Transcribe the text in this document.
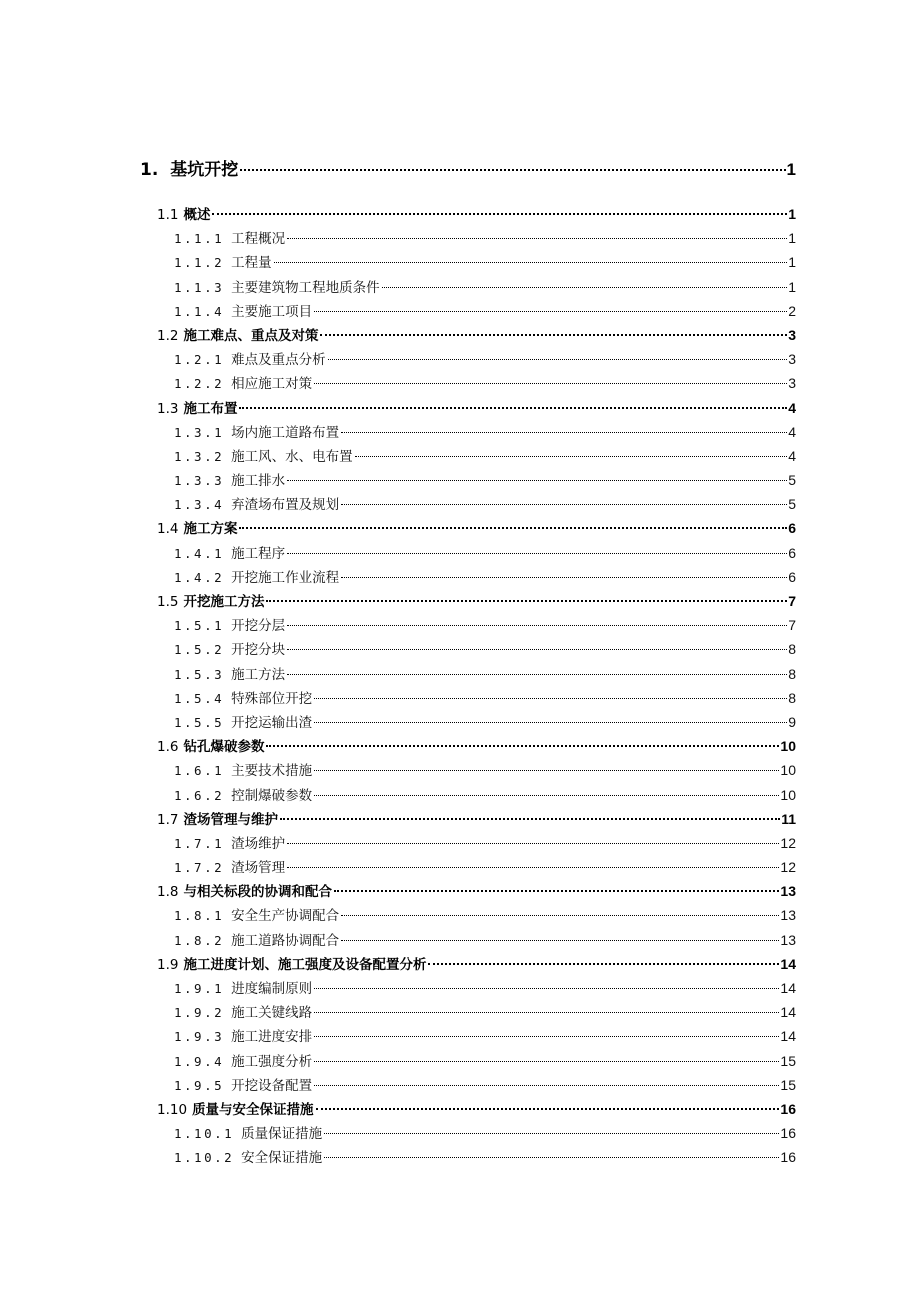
1. 基坑开挖	1
1.1 概述	1
1.1.1 工程概况	1
1.1.2 工程量	1
1.1.3 主要建筑物工程地质条件	1
1.1.4 主要施工项目	2
1.2 施工难点、重点及对策	3
1.2.1 难点及重点分析	3
1.2.2 相应施工对策	3
1.3 施工布置	4
1.3.1 场内施工道路布置	4
1.3.2 施工风、水、电布置	4
1.3.3 施工排水	5
1.3.4 弃渣场布置及规划	5
1.4 施工方案	6
1.4.1 施工程序	6
1.4.2 开挖施工作业流程	6
1.5 开挖施工方法	7
1.5.1 开挖分层	7
1.5.2 开挖分块	8
1.5.3 施工方法	8
1.5.4 特殊部位开挖	8
1.5.5 开挖运输出渣	9
1.6 钻孔爆破参数	10
1.6.1 主要技术措施	10
1.6.2 控制爆破参数	10
1.7 渣场管理与维护	11
1.7.1 渣场维护	12
1.7.2 渣场管理	12
1.8 与相关标段的协调和配合	13
1.8.1 安全生产协调配合	13
1.8.2 施工道路协调配合	13
1.9 施工进度计划、施工强度及设备配置分析	14
1.9.1 进度编制原则	14
1.9.2 施工关键线路	14
1.9.3 施工进度安排	14
1.9.4 施工强度分析	15
1.9.5 开挖设备配置	15
1.10 质量与安全保证措施	16
1.10.1 质量保证措施	16
1.10.2 安全保证措施	16
